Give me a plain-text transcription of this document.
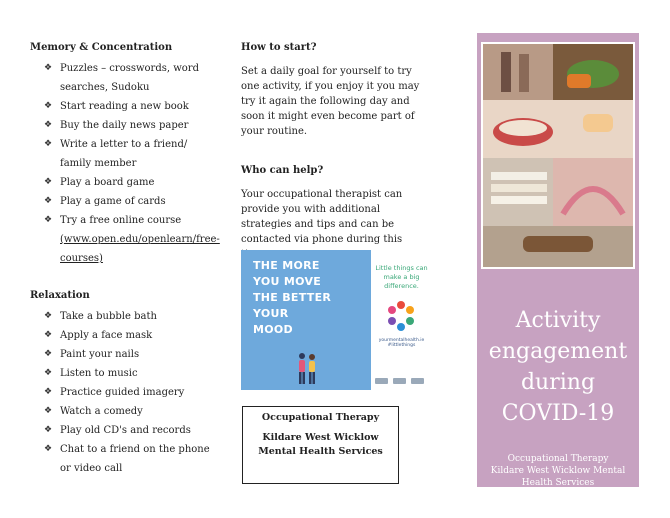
Memory & Concentration
❖ Puzzles – crosswords, word searches, Sudoku
❖ Start reading a new book
❖ Buy the daily news paper
❖ Write a letter to a friend/ family member
❖ Play a board game
❖ Play a game of cards
❖ Try a free online course
(www.open.edu/openlearn/free-courses)
Relaxation
❖ Take a bubble bath
❖ Apply a face mask
❖ Paint your nails
❖ Listen to music
❖ Practice guided imagery
❖ Watch a comedy
❖ Play old CD's and records
❖ Chat to a friend on the phone or video call
How to start?

Set a daily goal for yourself to try one activity, if you enjoy it you may try it again the following day and soon it might even become part of your routine.

Who can help?

Your occupational therapist can provide you with additional strategies and tips and can be contacted via phone during this

THE MORE
YOU MOVE
THE BETTER
YOUR
MOOD

Little things can make a big difference.
yourmentalhealth.ie #littlethings
Occupational Therapy
Kildare West Wicklow Mental Health Services
Activity
engagement
during
COVID-19
Occupational Therapy
Kildare West Wicklow Mental
Health Services
